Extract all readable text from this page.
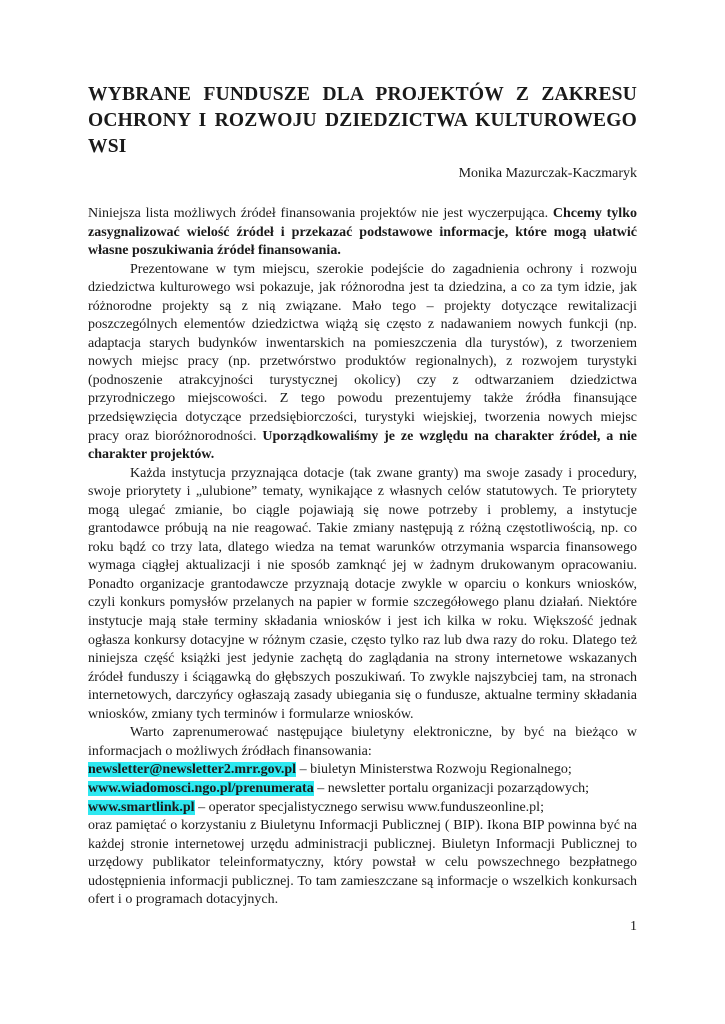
WYBRANE FUNDUSZE DLA PROJEKTÓW Z ZAKRESU OCHRONY I ROZWOJU DZIEDZICTWA KULTUROWEGO WSI
Monika Mazurczak-Kaczmaryk

Niniejsza lista możliwych źródeł finansowania projektów nie jest wyczerpująca. Chcemy tylko zasygnalizować wielość źródeł i przekazać podstawowe informacje, które mogą ułatwić własne poszukiwania źródeł finansowania.

Prezentowane w tym miejscu, szerokie podejście do zagadnienia ochrony i rozwoju dziedzictwa kulturowego wsi pokazuje, jak różnorodna jest ta dziedzina, a co za tym idzie, jak różnorodne projekty są z nią związane. Mało tego – projekty dotyczące rewitalizacji poszczególnych elementów dziedzictwa wiążą się często z nadawaniem nowych funkcji (np. adaptacja starych budynków inwentarskich na pomieszczenia dla turystów), z tworzeniem nowych miejsc pracy (np. przetwórstwo produktów regionalnych), z rozwojem turystyki (podnoszenie atrakcyjności turystycznej okolicy) czy z odtwarzaniem dziedzictwa przyrodniczego miejscowości. Z tego powodu prezentujemy także źródła finansujące przedsięwzięcia dotyczące przedsiębiorczości, turystyki wiejskiej, tworzenia nowych miejsc pracy oraz bioróżnorodności. Uporządkowaliśmy je ze względu na charakter źródeł, a nie charakter projektów.

Każda instytucja przyznająca dotacje (tak zwane granty) ma swoje zasady i procedury, swoje priorytety i „ulubione” tematy, wynikające z własnych celów statutowych. Te priorytety mogą ulegać zmianie, bo ciągle pojawiają się nowe potrzeby i problemy, a instytucje grantodawce próbują na nie reagować. Takie zmiany następują z różną częstotliwością, np. co roku bądź co trzy lata, dlatego wiedza na temat warunków otrzymania wsparcia finansowego wymaga ciągłej aktualizacji i nie sposób zamknąć jej w żadnym drukowanym opracowaniu. Ponadto organizacje grantodawcze przyznają dotacje zwykle w oparciu o konkurs wniosków, czyli konkurs pomysłów przelanych na papier w formie szczegółowego planu działań. Niektóre instytucje mają stałe terminy składania wniosków i jest ich kilka w roku. Większość jednak ogłasza konkursy dotacyjne w różnym czasie, często tylko raz lub dwa razy do roku. Dlatego też niniejsza część książki jest jedynie zachętą do zaglądania na strony internetowe wskazanych źródeł funduszy i ściągawką do głębszych poszukiwań. To zwykle najszybciej tam, na stronach internetowych, darczyńcy ogłaszają zasady ubiegania się o fundusze, aktualne terminy składania wniosków, zmiany tych terminów i formularze wniosków.

Warto zaprenumerować następujące biuletyny elektroniczne, by być na bieżąco w informacjach o możliwych źródłach finansowania:

newsletter@newsletter2.mrr.gov.pl – biuletyn Ministerstwa Rozwoju Regionalnego;

www.wiadomosci.ngo.pl/prenumerata – newsletter portalu organizacji pozarządowych;

www.smartlink.pl – operator specjalistycznego serwisu www.funduszeonline.pl;

oraz pamiętać o korzystaniu z Biuletynu Informacji Publicznej ( BIP). Ikona BIP powinna być na każdej stronie internetowej urzędu administracji publicznej. Biuletyn Informacji Publicznej to urzędowy publikator teleinformatyczny, który powstał w celu powszechnego bezpłatnego udostępnienia informacji publicznej. To tam zamieszczane są informacje o wszelkich konkursach ofert i o programach dotacyjnych.

1
